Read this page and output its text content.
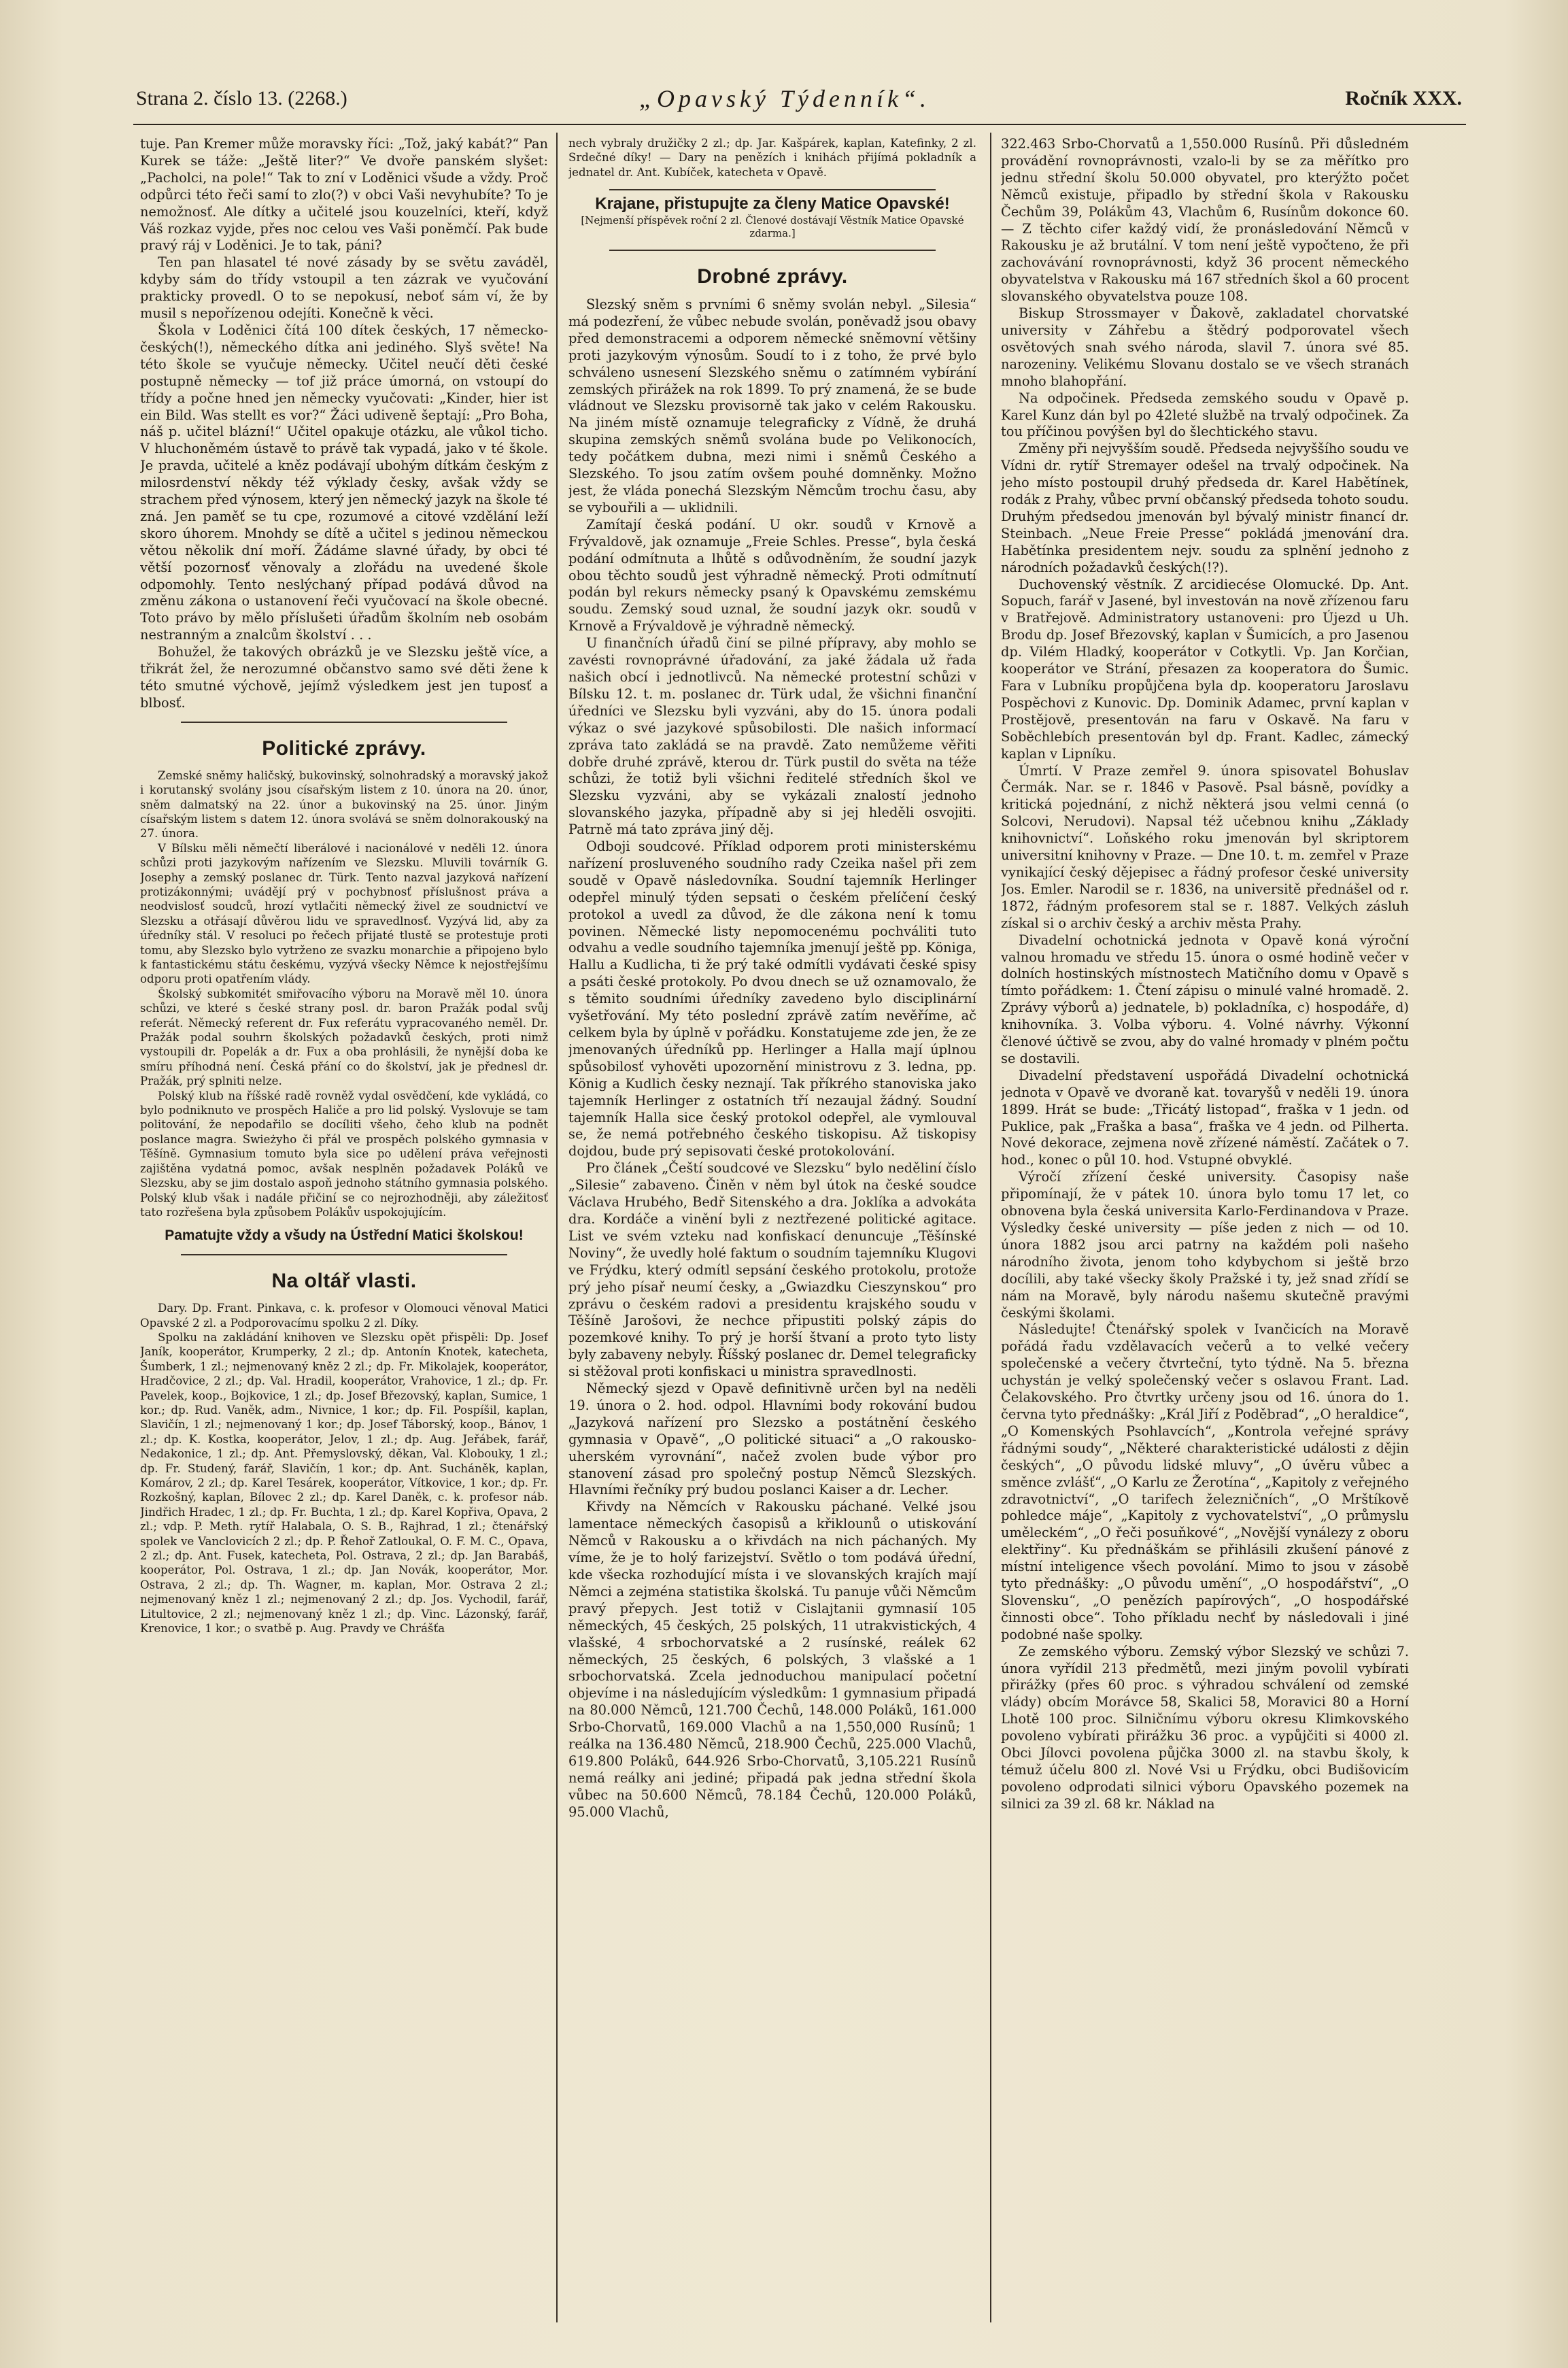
Strana 2. číslo 13. (2268.)	„Opavský Týdenník“.	Ročník XXX.

tuje. Pan Kremer může moravsky říci: „Tož, jaký kabát?“ Pan Kurek se táže: „Ještě liter?“ Ve dvoře panském slyšet: „Pacholci, na pole!“ Tak to zní v Loděnici všude a vždy. Proč odpůrci této řeči samí to zlo(?) v obci Vaši nevyhubíte? To je nemožnosť. Ale dítky a učitelé jsou kouzelníci, kteří, když Váš rozkaz vyjde, přes noc celou ves Vaši poněmčí. Pak bude pravý ráj v Loděnici. Je to tak, páni?

Ten pan hlasatel té nové zásady by se světu zaváděl, kdyby sám do třídy vstoupil a ten zázrak ve vyučování prakticky provedl. O to se nepokusí, neboť sám ví, že by musil s nepořízenou odejíti. Konečně k věci.

Škola v Loděnici čítá 100 dítek českých, 17 německo-českých(!), německého dítka ani jediného. Slyš světe! Na této škole se vyučuje německy. Učitel neučí děti české postupně německy — tof již práce úmorná, on vstoupí do třídy a počne hned jen německy vyučovati: „Kinder, hier ist ein Bild. Was stellt es vor?“ Žáci udiveně šeptají: „Pro Boha, náš p. učitel blázní!“ Učitel opakuje otázku, ale vůkol ticho. V hluchoněmém ústavě to právě tak vypadá, jako v té škole. Je pravda, učitelé a kněz podávají ubohým dítkám českým z milosrdenství někdy též výklady česky, avšak vždy se strachem před výnosem, který jen německý jazyk na škole té zná. Jen paměť se tu cpe, rozumové a citové vzdělání leží skoro úhorem. Mnohdy se dítě a učitel s jedinou německou větou několik dní moří. Žádáme slavné úřady, by obci té větší pozornosť věnovaly a zlořádu na uvedené škole odpomohly. Tento neslýchaný případ podává důvod na změnu zákona o ustanovení řeči vyučovací na škole obecné. Toto právo by mělo příslušeti úřadům školním neb osobám nestranným a znalcům školství . . .

Bohužel, že takových obrázků je ve Slezsku ještě více, a třikrát žel, že nerozumné občanstvo samo své děti žene k této smutné výchově, jejímž výsledkem jest jen tuposť a blbosť.

Politické zprávy.

Zemské sněmy haličský, bukovinský, solnohradský a moravský jakož i korutanský svolány jsou císařským listem z 10. února na 20. únor, sněm dalmatský na 22. únor a bukovinský na 25. únor. Jiným císařským listem s datem 12. února svolává se sněm dolnorakouský na 27. února.

V Bílsku měli němečtí liberálové i nacionálové v neděli 12. února schůzi proti jazykovým nařízením ve Slezsku. Mluvili továrník G. Josephy a zemský poslanec dr. Türk. Tento nazval jazyková nařízení protizákonnými; uvádějí prý v pochybnosť příslušnost práva a neodvislosť soudců, hrozí vytlačiti německý živel ze soudnictví ve Slezsku a otřásají důvěrou lidu ve spravedlnosť. Vyzývá lid, aby za úředníky stál. V resoluci po řečech přijaté tlustě se protestuje proti tomu, aby Slezsko bylo vytrženo ze svazku monarchie a připojeno bylo k fantastickému státu českému, vyzývá všecky Němce k nejostřejšímu odporu proti opatřením vlády.

Školský subkomitét smiřovacího výboru na Moravě měl 10. února schůzi, ve které s české strany posl. dr. baron Pražák podal svůj referát. Německý referent dr. Fux referátu vypracovaného neměl. Dr. Pražák podal souhrn školských požadavků českých, proti nimž vystoupili dr. Popelák a dr. Fux a oba prohlásili, že nynější doba ke smíru příhodná není. Česká přání co do školství, jak je přednesl dr. Pražák, prý splniti nelze.

Polský klub na říšské radě rovněž vydal osvědčení, kde vykládá, co bylo podniknuto ve prospěch Haliče a pro lid polský. Vyslovuje se tam politování, že nepodařilo se docíliti všeho, čeho klub na podnět poslance magra. Swieżyho či přál ve prospěch polského gymnasia v Těšíně. Gymnasium tomuto byla sice po udělení práva veřejnosti zajištěna vydatná pomoc, avšak nesplněn požadavek Poláků ve Slezsku, aby se jim dostalo aspoň jednoho státního gymnasia polského. Polský klub však i nadále přičiní se co nejrozhodněji, aby záležitosť tato rozřešena byla způsobem Polákův uspokojujícím.

Pamatujte vždy a všudy na Ústřední Matici školskou!
Na oltář vlasti.

Dary. Dp. Frant. Pinkava, c. k. profesor v Olomouci věnoval Matici Opavské 2 zl. a Podporovacímu spolku 2 zl. Díky.

Spolku na zakládání knihoven ve Slezsku opět přispěli: Dp. Josef Janík, kooperátor, Krumperky, 2 zl.; dp. Antonín Knotek, katecheta, Šumberk, 1 zl.; nejmenovaný kněz 2 zl.; dp. Fr. Mikolajek, kooperátor, Hradčovice, 2 zl.; dp. Val. Hradil, kooperátor, Vrahovice, 1 zl.; dp. Fr. Pavelek, koop., Bojkovice, 1 zl.; dp. Josef Březovský, kaplan, Sumice, 1 kor.; dp. Rud. Vaněk, adm., Nivnice, 1 kor.; dp. Fil. Pospíšil, kaplan, Slavičín, 1 zl.; nejmenovaný 1 kor.; dp. Josef Táborský, koop., Bánov, 1 zl.; dp. K. Kostka, kooperátor, Jelov, 1 zl.; dp. Aug. Jeřábek, farář, Nedakonice, 1 zl.; dp. Ant. Přemyslovský, děkan, Val. Klobouky, 1 zl.; dp. Fr. Studený, farář, Slavičín, 1 kor.; dp. Ant. Sucháněk, kaplan, Komárov, 2 zl.; dp. Karel Tesárek, kooperátor, Vítkovice, 1 kor.; dp. Fr. Rozkošný, kaplan, Bílovec 2 zl.; dp. Karel Daněk, c. k. profesor náb. Jindřich Hradec, 1 zl.; dp. Fr. Buchta, 1 zl.; dp. Karel Kopřiva, Opava, 2 zl.; vdp. P. Meth. rytíř Halabala, O. S. B., Rajhrad, 1 zl.; čtenářský spolek ve Vanclovicích 2 zl.; dp. P. Řehoř Zatloukal, O. F. M. C., Opava, 2 zl.; dp. Ant. Fusek, katecheta, Pol. Ostrava, 2 zl.; dp. Jan Barabáš, kooperátor, Pol. Ostrava, 1 zl.; dp. Jan Novák, kooperátor, Mor. Ostrava, 2 zl.; dp. Th. Wagner, m. kaplan, Mor. Ostrava 2 zl.; nejmenovaný kněz 1 zl.; nejmenovaný 2 zl.; dp. Jos. Vychodil, farář, Litultovice, 2 zl.; nejmenovaný kněz 1 zl.; dp. Vinc. Lázonský, farář, Krenovice, 1 kor.; o svatbě p. Aug. Pravdy ve Chrášťa

nech vybraly družičky 2 zl.; dp. Jar. Kašpárek, kaplan, Katefinky, 2 zl. Srdečné díky! — Dary na penězích i knihách přijímá pokladník a jednatel dr. Ant. Kubíček, katecheta v Opavě.

Krajane, přistupujte za členy Matice Opavské!
[Nejmenší příspěvek roční 2 zl. Členové dostávají Věstník Matice Opavské zdarma.]
Drobné zprávy.

Slezský sněm s prvními 6 sněmy svolán nebyl. „Silesia“ má podezření, že vůbec nebude svolán, poněvadž jsou obavy před demonstracemi a odporem německé sněmovní většiny proti jazykovým výnosům. Soudí to i z toho, že prvé bylo schváleno usnesení Slezského sněmu o zatímném vybírání zemských přirážek na rok 1899. To prý znamená, že se bude vládnout ve Slezsku provisorně tak jako v celém Rakousku. Na jiném místě oznamuje telegraficky z Vídně, že druhá skupina zemských sněmů svolána bude po Velikonocích, tedy počátkem dubna, mezi nimi i sněmů Českého a Slezského. To jsou zatím ovšem pouhé domněnky. Možno jest, že vláda ponechá Slezským Němcům trochu času, aby se vybouřili a — uklidnili.

Zamítají česká podání. U okr. soudů v Krnově a Frývaldově, jak oznamuje „Freie Schles. Presse“, byla česká podání odmítnuta a lhůtě s odůvodněním, že soudní jazyk obou těchto soudů jest výhradně německý. Proti odmítnutí podán byl rekurs německy psaný k Opavskému zemskému soudu. Zemský soud uznal, že soudní jazyk okr. soudů v Krnově a Frývaldově je výhradně německý.

U finančních úřadů činí se pilné přípravy, aby mohlo se zavésti rovnoprávné úřadování, za jaké žádala už řada našich obcí i jednotlivců. Na německé protestní schůzi v Bílsku 12. t. m. poslanec dr. Türk udal, že všichni finanční úředníci ve Slezsku byli vyzváni, aby do 15. února podali výkaz o své jazykové spůsobilosti. Dle našich informací zpráva tato zakládá se na pravdě. Zato nemůžeme věřiti dobře druhé zprávě, kterou dr. Türk pustil do světa na téže schůzi, že totiž byli všichni ředitelé středních škol ve Slezsku vyzváni, aby se vykázali znalostí jednoho slovanského jazyka, případně aby si jej hleděli osvojiti. Patrně má tato zpráva jiný děj.

Odboji soudcové. Příklad odporem proti ministerskému nařízení prosluveného soudního rady Czeika našel při zem soudě v Opavě následovníka. Soudní tajemník Herlinger odepřel minulý týden sepsati o českém přelíčení český protokol a uvedl za důvod, že dle zákona není k tomu povinen. Německé listy nepomocenému pochváliti tuto odvahu a vedle soudního tajemníka jmenují ještě pp. Königa, Hallu a Kudlicha, ti že prý také odmítli vydávati české spisy a psáti české protokoly. Po dvou dnech se už oznamovalo, že s těmito soudními úředníky zavedeno bylo disciplinární vyšetřování. My této poslední zprávě zatím nevěříme, ač celkem byla by úplně v pořádku. Konstatujeme zde jen, že ze jmenovaných úředníků pp. Herlinger a Halla mají úplnou spůsobilosť vyhověti upozornění ministrovu z 3. ledna, pp. König a Kudlich česky neznají. Tak příkrého stanoviska jako tajemník Herlinger z ostatních tří nezaujal žádný. Soudní tajemník Halla sice český protokol odepřel, ale vymlouval se, že nemá potřebného českého tiskopisu. Až tiskopisy dojdou, bude prý sepisovati české protokolování.

Pro článek „Čeští soudcové ve Slezsku“ bylo neděliní číslo „Silesie“ zabaveno. Činěn v něm byl útok na české soudce Václava Hrubého, Bedř Sitenského a dra. Joklíka a advokáta dra. Kordáče a vinění byli z neztřezené politické agitace. List ve svém vzteku nad konfiskací denuncuje „Těšínské Noviny“, že uvedly holé faktum o soudním tajemníku Klugovi ve Frýdku, který odmítl sepsání českého protokolu, protože prý jeho písař neumí česky, a „Gwiazdku Cieszynskou“ pro zprávu o českém radovi a presidentu krajského soudu v Těšíně Jarošovi, že nechce připustiti polský zápis do pozemkové knihy. To prý je horší štvaní a proto tyto listy byly zabaveny nebyly. Říšský poslanec dr. Demel telegraficky si stěžoval proti konfiskaci u ministra spravedlnosti.

Německý sjezd v Opavě definitivně určen byl na neděli 19. února o 2. hod. odpol. Hlavními body rokování budou „Jazyková nařízení pro Slezsko a postátnění českého gymnasia v Opavě“, „O politické situaci“ a „O rakousko-uherském vyrovnání“, načež zvolen bude výbor pro stanovení zásad pro společný postup Němců Slezských. Hlavními řečníky prý budou poslanci Kaiser a dr. Lecher.

Křivdy na Němcích v Rakousku páchané. Velké jsou lamentace německých časopisů a křiklounů o utiskování Němců v Rakousku a o křivdách na nich páchaných. My víme, že je to holý farizejství. Světlo o tom podává úřední, kde všecka rozhodující místa i ve slovanských krajích mají Němci a zejména statistika školská. Tu panuje vůči Němcům pravý přepych. Jest totiž v Cislajtanii gymnasií 105 německých, 45 českých, 25 polských, 11 utrakvistických, 4 vlašské, 4 srbochorvatské a 2 rusínské, reálek 62 německých, 25 českých, 6 polských, 3 vlašské a 1 srbochorvatská. Zcela jednoduchou manipulací početní objevíme i na následujícím výsledkům: 1 gymnasium připadá na 80.000 Němců, 121.700 Čechů, 148.000 Poláků, 161.000 Srbo-Chorvatů, 169.000 Vlachů a na 1,550,000 Rusínů; 1 reálka na 136.480 Němců, 218.900 Čechů, 225.000 Vlachů, 619.800 Poláků, 644.926 Srbo-Chorvatů, 3,105.221 Rusínů nemá reálky ani jediné; připadá pak jedna střední škola vůbec na 50.600 Němců, 78.184 Čechů, 120.000 Poláků, 95.000 Vlachů,

322.463 Srbo-Chorvatů a 1,550.000 Rusínů. Při důsledném provádění rovnoprávnosti, vzalo-li by se za měřítko pro jednu střední školu 50.000 obyvatel, pro kterýžto počet Němců existuje, připadlo by střední škola v Rakousku Čechům 39, Polákům 43, Vlachům 6, Rusínům dokonce 60. — Z těchto cifer každý vidí, že pronásledování Němců v Rakousku je až brutální. V tom není ještě vypočteno, že při zachovávání rovnoprávnosti, když 36 procent německého obyvatelstva v Rakousku má 167 středních škol a 60 procent slovanského obyvatelstva pouze 108.

Biskup Strossmayer v Ďakově, zakladatel chorvatské university v Záhřebu a štědrý podporovatel všech osvětových snah svého národa, slavil 7. února své 85. narozeniny. Velikému Slovanu dostalo se ve všech stranách mnoho blahopřání.

Na odpočinek. Předseda zemského soudu v Opavě p. Karel Kunz dán byl po 42leté službě na trvalý odpočinek. Za tou příčinou povýšen byl do šlechtického stavu.

Změny při nejvyšším soudě. Předseda nejvyššího soudu ve Vídni dr. rytíř Stremayer odešel na trvalý odpočinek. Na jeho místo postoupil druhý předseda dr. Karel Habětínek, rodák z Prahy, vůbec první občanský předseda tohoto soudu. Druhým předsedou jmenován byl bývalý ministr financí dr. Steinbach. „Neue Freie Presse“ pokládá jmenování dra. Habětínka presidentem nejv. soudu za splnění jednoho z národních požadavků českých(!?).

Duchovenský věstník. Z arcidiecése Olomucké. Dp. Ant. Sopuch, farář v Jasené, byl investován na nově zřízenou faru v Bratřejově. Administratory ustanoveni: pro Újezd u Uh. Brodu dp. Josef Březovský, kaplan v Šumicích, a pro Jasenou dp. Vilém Hladký, kooperátor v Cotkytli. Vp. Jan Korčian, kooperátor ve Strání, přesazen za kooperatora do Šumic. Fara v Lubníku propůjčena byla dp. kooperatoru Jaroslavu Pospěchovi z Kunovic. Dp. Dominik Adameс, první kaplan v Prostějově, presentován na faru v Oskavě. Na faru v Soběchlebích presentován byl dp. Frant. Kadlec, zámecký kaplan v Lipníku.

Úmrtí. V Praze zemřel 9. února spisovatel Bohuslav Čermák. Nar. se r. 1846 v Pasově. Psal básně, povídky a kritická pojednání, z nichž některá jsou velmi cenná (o Solcovi, Nerudovi). Napsal též učebnou knihu „Základy knihovnictví“. Loňského roku jmenován byl skriptorem universitní knihovny v Praze. — Dne 10. t. m. zemřel v Praze vynikající český dějepisec a řádný profesor české university Jos. Emler. Narodil se r. 1836, na universitě přednášel od r. 1872, řádným profesorem stal se r. 1887. Velkých zásluh získal si o archiv český a archiv města Prahy.

Divadelní ochotnická jednota v Opavě koná výroční valnou hromadu ve středu 15. února o osmé hodině večer v dolních hostinských místnostech Matičního domu v Opavě s tímto pořádkem: 1. Čtení zápisu o minulé valné hromadě. 2. Zprávy výborů a) jednatele, b) pokladníka, c) hospodáře, d) knihovníka. 3. Volba výboru. 4. Volné návrhy. Výkonní členové účtivě se zvou, aby do valné hromady v plném počtu se dostavili.

Divadelní představení uspořádá Divadelní ochotnická jednota v Opavě ve dvoraně kat. tovaryšů v neděli 19. února 1899. Hrát se bude: „Třicátý listopad“, fraška v 1 jedn. od Puklice, pak „Fraška a basa“, fraška ve 4 jedn. od Pilherta. Nové dekorace, zejmena nově zřízené náměstí. Začátek o 7. hod., konec o půl 10. hod. Vstupné obvyklé.

Výročí zřízení české university. Časopisy naše připomínají, že v pátek 10. února bylo tomu 17 let, co obnovena byla česká universita Karlo-Ferdinandova v Praze. Výsledky české university — píše jeden z nich — od 10. února 1882 jsou arci patrny na každém poli našeho národního života, jenom toho kdybychom si ještě brzo docílili, aby také všecky školy Pražské i ty, jež snad zřídí se nám na Moravě, byly národu našemu skutečně pravými českými školami.

Následujte! Čtenářský spolek v Ivančicích na Moravě pořádá řadu vzdělavacích večerů a to velké večery společenské a večery čtvrteční, tyto týdně. Na 5. března uchystán je velký společenský večer s oslavou Frant. Lad. Čelakovského. Pro čtvrtky určeny jsou od 16. února do 1. června tyto přednášky: „Král Jiří z Poděbrad“, „O heraldice“, „O Komenských Psohlavcích“, „Kontrola veřejné správy řádnými soudy“, „Některé charakteristické události z dějin českých“, „O původu lidské mluvy“, „O úvěru vůbec a směnce zvlášť“, „O Karlu ze Žerotína“, „Kapitoly z veřejného zdravotnictví“, „O tarifech železničních“, „O Mrštíkově pohledce máje“, „Kapitoly z vychovatelství“, „O průmyslu uměleckém“, „O řeči posuňkové“, „Novější vynálezy z oboru elektřiny“. Ku přednáškám se přihlásili zkušení pánové z místní inteligence všech povolání. Mimo to jsou v zásobě tyto přednášky: „O původu umění“, „O hospodářství“, „O Slovensku“, „O penězích papírových“, „O hospodářské činnosti obce“. Toho příkladu nechť by následovali i jiné podobné naše spolky.

Ze zemského výboru. Zemský výbor Slezský ve schůzi 7. února vyřídil 213 předmětů, mezi jiným povolil vybírati přirážky (přes 60 proc. s výhradou schválení od zemské vlády) obcím Morávce 58, Skalici 58, Moravici 80 a Horní Lhotě 100 proc. Silničnímu výboru okresu Klimkovského povoleno vybírati přirážku 36 proc. a vypůjčiti si 4000 zl. Obci Jílovci povolena půjčka 3000 zl. na stavbu školy, k témuž účelu 800 zl. Nové Vsi u Frýdku, obci Budišovicím povoleno odprodati silnici výboru Opavského pozemek na silnici za 39 zl. 68 kr. Náklad na
